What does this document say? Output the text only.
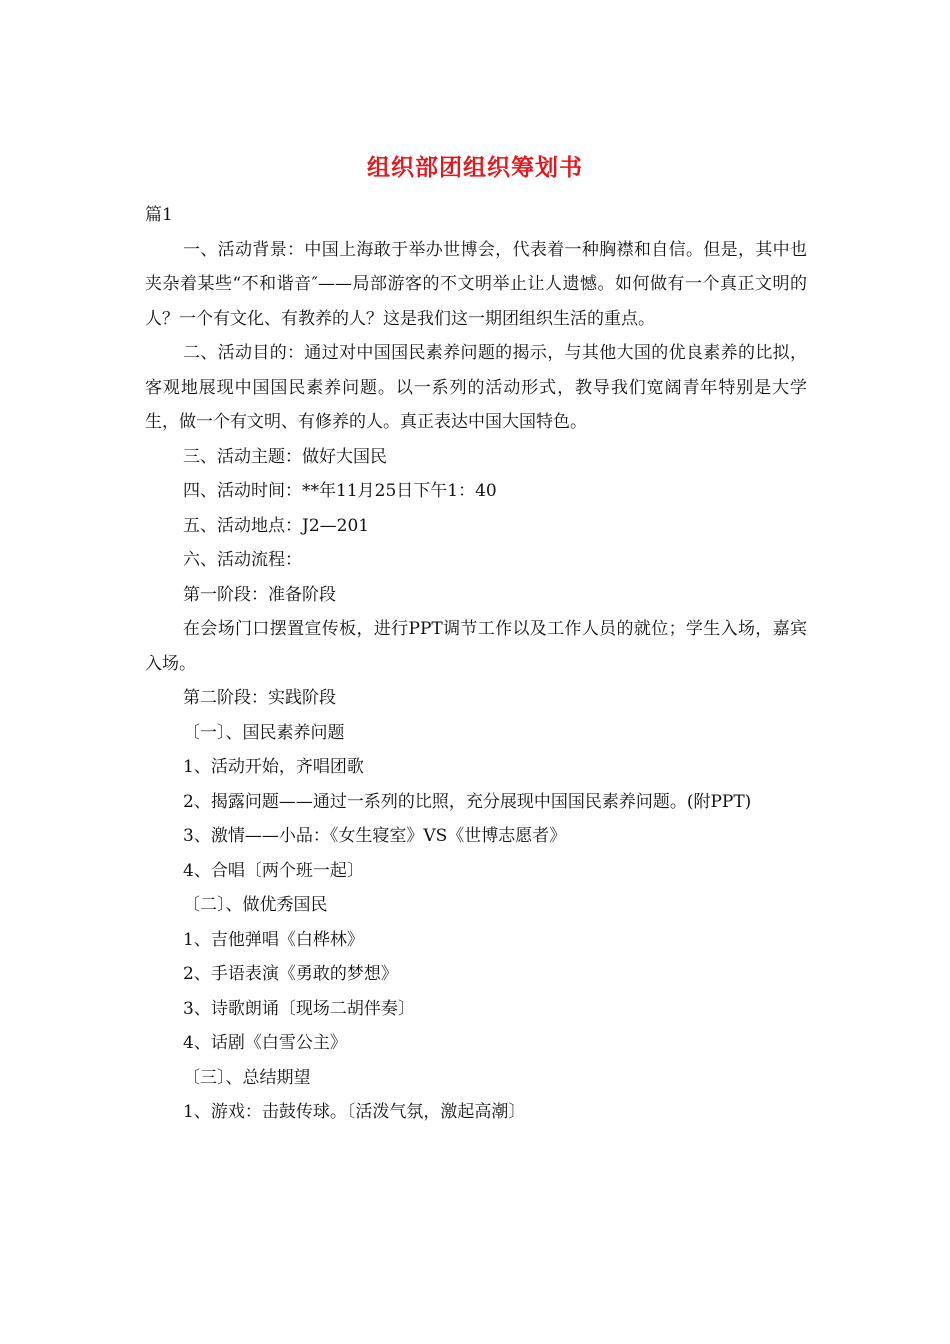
组织部团组织筹划书

篇1

一、活动背景：中国上海敢于举办世博会，代表着一种胸襟和自信。但是，其中也夹杂着某些“不和谐音″——局部游客的不文明举止让人遗憾。如何做有一个真正文明的人？一个有文化、有教养的人？这是我们这一期团组织生活的重点。

二、活动目的：通过对中国国民素养问题的揭示，与其他大国的优良素养的比拟，客观地展现中国国民素养问题。以一系列的活动形式，教导我们宽阔青年特别是大学生，做一个有文明、有修养的人。真正表达中国大国特色。

三、活动主题：做好大国民

四、活动时间：**年11月25日下午1：40

五、活动地点：J2—201

六、活动流程：

第一阶段：准备阶段

在会场门口摆置宣传板，进行PPT调节工作以及工作人员的就位；学生入场，嘉宾入场。

第二阶段：实践阶段

〔一〕、国民素养问题

1、活动开始，齐唱团歌

2、揭露问题——通过一系列的比照，充分展现中国国民素养问题。(附PPT)

3、激情——小品：《女生寝室》VS《世博志愿者》

4、合唱〔两个班一起〕

〔二〕、做优秀国民

1、吉他弹唱《白桦林》

2、手语表演《勇敢的梦想》

3、诗歌朗诵〔现场二胡伴奏〕

4、话剧《白雪公主》

〔三〕、总结期望

1、游戏：击鼓传球。〔活泼气氛，激起高潮〕
